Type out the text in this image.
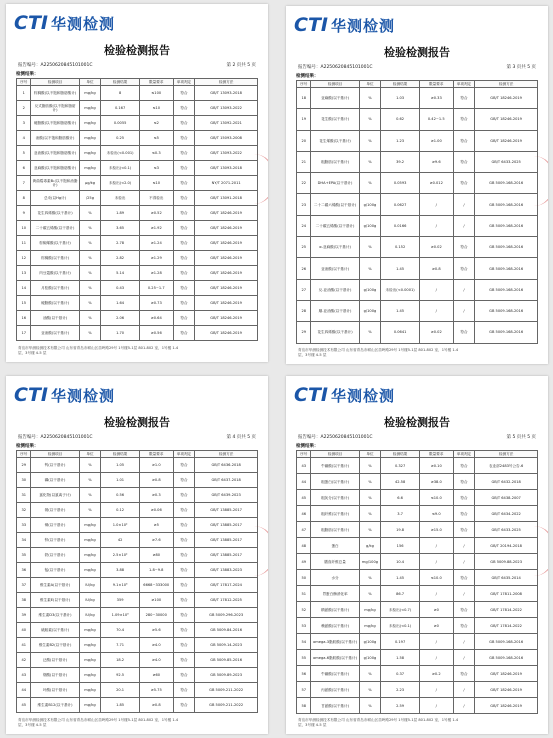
CTI 华测检测
检验检测报告
报告编号：A2250620845101001C	第 2 页共 5 页
检测结果：
序号	检测项目	单位	检测结果	限量要求	单项判定	检测方法
1	棕榈酸(以不饱和脂肪酸计)	mg/kg	8	≤100	符合	GB/T 13093-2018
2	反式脂肪酸(以不饱和脂肪计)	mg/kg	0.167	≤10	符合	GB/T 13093-2022
3	硬脂酸(以不饱和脂肪酸计)	mg/kg	0.0055	≤2	符合	GB/T 13092-2021
4	油酸(以不饱和脂肪酸计)	mg/kg	0.25	≤5	符合	GB/T 15093-2008
5	亚油酸(以不饱和脂肪酸计)	mg/kg	未检出(<0.001)	≤0.3	符合	GB/T 13093-2022
6	亚麻酸(以不饱和脂肪酸计)	mg/kg	未检出(<0.1)	≤3	符合	GB/T 13093-2018
7	黄曲霉毒素B₁(以不饱和油脂计)	μg/kg	未检出(<2.0)	≤10	符合	NY/T 2071-2011
8	总汞(以Hg计)	/25g	未检出	不得检出	符合	GB/T 13091-2018
9	花生四烯酸(以干基计)	%	1.89	≥0.52	符合	GB/T 18246-2019
10	二十碳五烯酸(以干基计)	%	3.65	≥1.92	符合	GB/T 18246-2019
11	棕榈烯酸(以干基计)	%	2.78	≥1.24	符合	GB/T 18246-2019
12	棕榈酸(以干基计)	%	2.82	≥1.29	符合	GB/T 18246-2019
13	肉豆蔻酸(以干基计)	%	5.14	≥1.28	符合	GB/T 18246-2019
14	月桂酸(以干基计)	%	0.43	0.25~1.7	符合	GB/T 18246-2019
15	硬脂酸(以干基计)	%	1.64	≥0.73	符合	GB/T 18246-2019
16	油酸(以干基计)	%	2.06	≥0.64	符合	GB/T 18246-2019
17	亚油酸(以干基计)	%	1.70	≥0.56	符合	GB/T 18246-2019
青岛市华测检测技术有限公司 山东省青岛市崂山区苗岭路29号 1号楼5-1层 801-802 室，1号楼 1-4
层，3号楼 4-5 层
CTI 华测检测
检验检测报告
报告编号：A2250620845101001C	第 3 页共 5 页
检测结果：
序号	检测项目	单位	检测结果	限量要求	单项判定	检测方法
18	亚麻酸(以干基计)	%	1.03	≥0.33	符合	GB/T 18246-2019
19	花生酸(以干基计)	%	0.62	0.42~1.5	符合	GB/T 18246-2019
20	花生烯酸(以干基计)	%	1.23	≥1.00	符合	GB/T 18246-2019
21	粗脂肪(以干基计)	%	39.2	≥9.6	符合	GB/T 6433-2025
22	DHA+EPA(以干基计)	%	0.0593	≥0.012	符合	GB 5009.168-2016
23	二十二碳六烯酸(以干基计)	g/100g	0.0627	/	/	GB 5009.168-2016
24	二十碳五烯酸(以干基计)	g/100g	0.0166	/	/	GB 5009.168-2016
25	α-亚麻酸(以干基计)	%	0.152	≥0.02	符合	GB 5009.168-2016
26	亚油酸(以干基计)	%	1.45	≥0.8	符合	GB 5009.168-2016
27	反-亚油酸(以干基计)	g/100g	未检出(<0.0001)	/	/	GB 5009.168-2016
28	顺-亚油酸(以干基计)	g/100g	1.45	/	/	GB 5009.168-2016
29	花生四烯酸(以干基计)	%	0.0641	≥0.02	符合	GB 5009.168-2016
青岛市华测检测技术有限公司 山东省青岛市崂山区苗岭路29号 1号楼5-1层 801-802 室，1号楼 1-4
层，3号楼 4-5 层
CTI 华测检测
检验检测报告
报告编号：A2250620845101001C	第 4 页共 5 页
检测结果：
序号	检测项目	单位	检测结果	限量要求	单项判定	检测方法
29	钙(以干基计)	%	1.05	≥1.0	符合	GB/T 6436-2018
30	磷(以干基计)	%	1.01	≥0.8	符合	GB/T 6437-2018
31	氯化物(以氯离子计)	%	0.56	≥0.3	符合	GB/T 6439-2023
32	钠(以干基计)	%	0.12	≥0.06	符合	GB/T 13885-2017
33	铜(以干基计)	mg/kg	1.0×10²	≥5	符合	GB/T 13885-2017
34	锌(以干基计)	mg/kg	42	≥7.6	符合	GB/T 13885-2017
35	铁(以干基计)	mg/kg	2.5×10²	≥80	符合	GB/T 13885-2017
36	锰(以干基计)	mg/kg	3.88	1.8~9.8	符合	GB/T 13883-2023
37	维生素A(以干基计)	IU/kg	9.1×10³	6668~333000	符合	GB/T 17817-2024
38	维生素E(以干基计)	IU/kg	359	≥100	符合	GB/T 17812-2025
39	维生素D3(以干基计)	IU/kg	1.09×10³	280~30000	符合	GB 5009.296-2023
40	硫胺素(以干基计)	mg/kg	70.4	≥5.6	符合	GB 5009.84-2016
41	维生素B2(以干基计)	mg/kg	7.71	≥4.0	符合	GB 5009.14-2023
42	泛酸(以干基计)	mg/kg	18.2	≥4.0	符合	GB 5009.85-2016
43	烟酸(以干基计)	mg/kg	92.5	≥60	符合	GB 5009.89-2023
44	叶酸(以干基计)	mg/kg	20.1	≥5.75	符合	GB 5009.211-2022
45	维生素B12(以干基计)	mg/kg	1.85	≥0.8	符合	GB 5009.211-2022
青岛市华测检测技术有限公司 山东省青岛市崂山区苗岭路29号 1号楼5-1层 801-802 室，1号楼 1-4
层，3号楼 4-5 层
CTI 华测检测
检验检测报告
报告编号：A2250620845101001C	第 5 页共 5 页
检测结果：
序号	检测项目	单位	检测结果	限量要求	单项判定	检测方法
43	牛磺酸(以干基计)	%	0.327	≥0.10	符合	农业部2483号公告-6
44	粗蛋白(以干基计)	%	42.58	≥38.0	符合	GB/T 6432-2018
45	粗灰分(以干基计)	%	6.6	≤10.0	符合	GB/T 6438-2007
46	粗纤维(以干基计)	%	3.7	≤9.0	符合	GB/T 6434-2022
47	粗脂肪(以干基计)	%	19.8	≥15.0	符合	GB/T 6433-2025
48	蛋白	g/kg	156	/	/	GB/T 20194-2018
49	膳食纤维总量	mg/100g	10.4	/	/	GB 5009.88-2023
50	水分	%	1.45	≤10.0	符合	GB/T 6435-2014
51	胃蛋白酶消化率	%	86.7	/	/	GB/T 17811-2008
52	精氨酸(以干基计)	mg/kg	未检出(<0.7)	≥0	符合	GB/T 17814-2022
53	赖氨酸(以干基计)	mg/kg	未检出(<0.1)	≥0	符合	GB/T 17814-2022
54	omega-3脂肪酸(以干基计)	g/100g	0.197	/	/	GB 5009.168-2016
55	omega-6脂肪酸(以干基计)	g/100g	1.58	/	/	GB 5009.168-2016
56	牛磺酸(以干基计)	%	0.37	≥0.2	符合	GB/T 18246-2019
57	丙氨酸(以干基计)	%	2.23	/	/	GB/T 18246-2019
58	甘氨酸(以干基计)	%	2.59	/	/	GB/T 18246-2019
青岛市华测检测技术有限公司 山东省青岛市崂山区苗岭路29号 1号楼5-1层 801-802 室，1号楼 1-4
层，3号楼 4-5 层
